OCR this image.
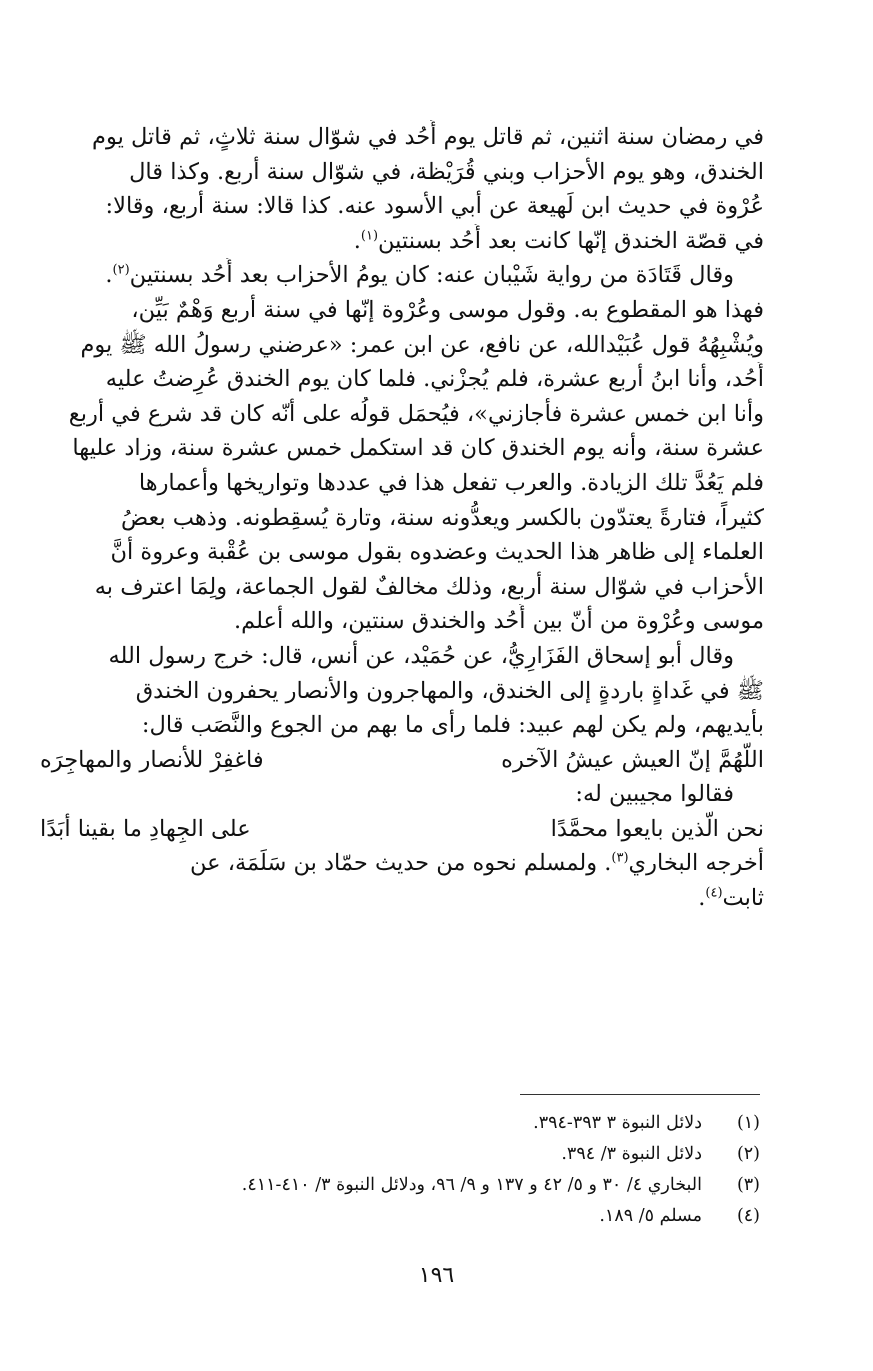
في رمضان سنة اثنين، ثم قاتل يوم أُحُد في شوّال سنة ثلاثٍ، ثم قاتل يوم
الخندق، وهو يوم الأحزاب وبني قُرَيْظة، في شوّال سنة أربع. وكذا قال
عُرْوة في حديث ابن لَهيعة عن أبي الأسود عنه. كذا قالا: سنة أربع، وقالا:
في قصّة الخندق إنّها كانت بعد أُحُد بسنتين$^{(١)}$.
وقال قَتَادَة من رواية شَيْبان عنه: كان يومُ الأحزاب بعد أُحُد بسنتين$^{(٢)}$.
فهذا هو المقطوع به. وقول موسى وعُرْوة إنّها في سنة أربع وَهْمٌ بَيِّن،
ويُشْبِهُهُ قول عُبَيْدالله، عن نافع، عن ابن عمر: «عرضني رسولُ الله ﷺ يوم
أُحُد، وأنا ابنُ أربع عشرة، فلم يُجزْني. فلما كان يوم الخندق عُرِضتُ عليه
وأنا ابن خمس عشرة فأجازني»، فيُحمَل قولُه على أنّه كان قد شرع في أربع
عشرة سنة، وأنه يوم الخندق كان قد استكمل خمس عشرة سنة، وزاد عليها
فلم يَعُدَّ تلك الزيادة. والعرب تفعل هذا في عددها وتواريخها وأعمارها
كثيراً، فتارةً يعتدّون بالكسر ويعدُّونه سنة، وتارة يُسقِطونه. وذهب بعضُ
العلماء إلى ظاهر هذا الحديث وعضدوه بقول موسى بن عُقْبة وعروة أنَّ
الأحزاب في شوّال سنة أربع، وذلك مخالفٌ لقول الجماعة، ولِمَا اعترف به
موسى وعُرْوة من أنّ بين أُحُد والخندق سنتين، والله أعلم.
وقال أبو إسحاق الفَزَارِيُّ، عن حُمَيْد، عن أنس، قال: خرج رسول الله
ﷺ في غَداةٍ باردةٍ إلى الخندق، والمهاجرون والأنصار يحفرون الخندق
بأيديهم، ولم يكن لهم عبيد: فلما رأى ما بهم من الجوع والنَّصَب قال:
اللّهُمَّ إنّ العيش عيشُ الآخره
فاغفِرْ للأنصار والمهاجِرَه
فقالوا مجيبين له:
نحن الّذين بايعوا محمَّدًا
على الجِهادِ ما بقينا أبَدًا
أخرجه البخاري$^{(٣)}$. ولمسلم نحوه من حديث حمّاد بن سَلَمَة، عن
ثابت$^{(٤)}$.
(١)
دلائل النبوة ٣ ٣٩٣-٣٩٤.
(٢)
دلائل النبوة ٣/ ٣٩٤.
(٣)
البخاري ٤/ ٣٠ و ٥/ ٤٢ و ١٣٧ و ٩/ ٩٦، ودلائل النبوة ٣/ ٤١٠-٤١١.
(٤)
مسلم ٥/ ١٨٩.
١٩٦
